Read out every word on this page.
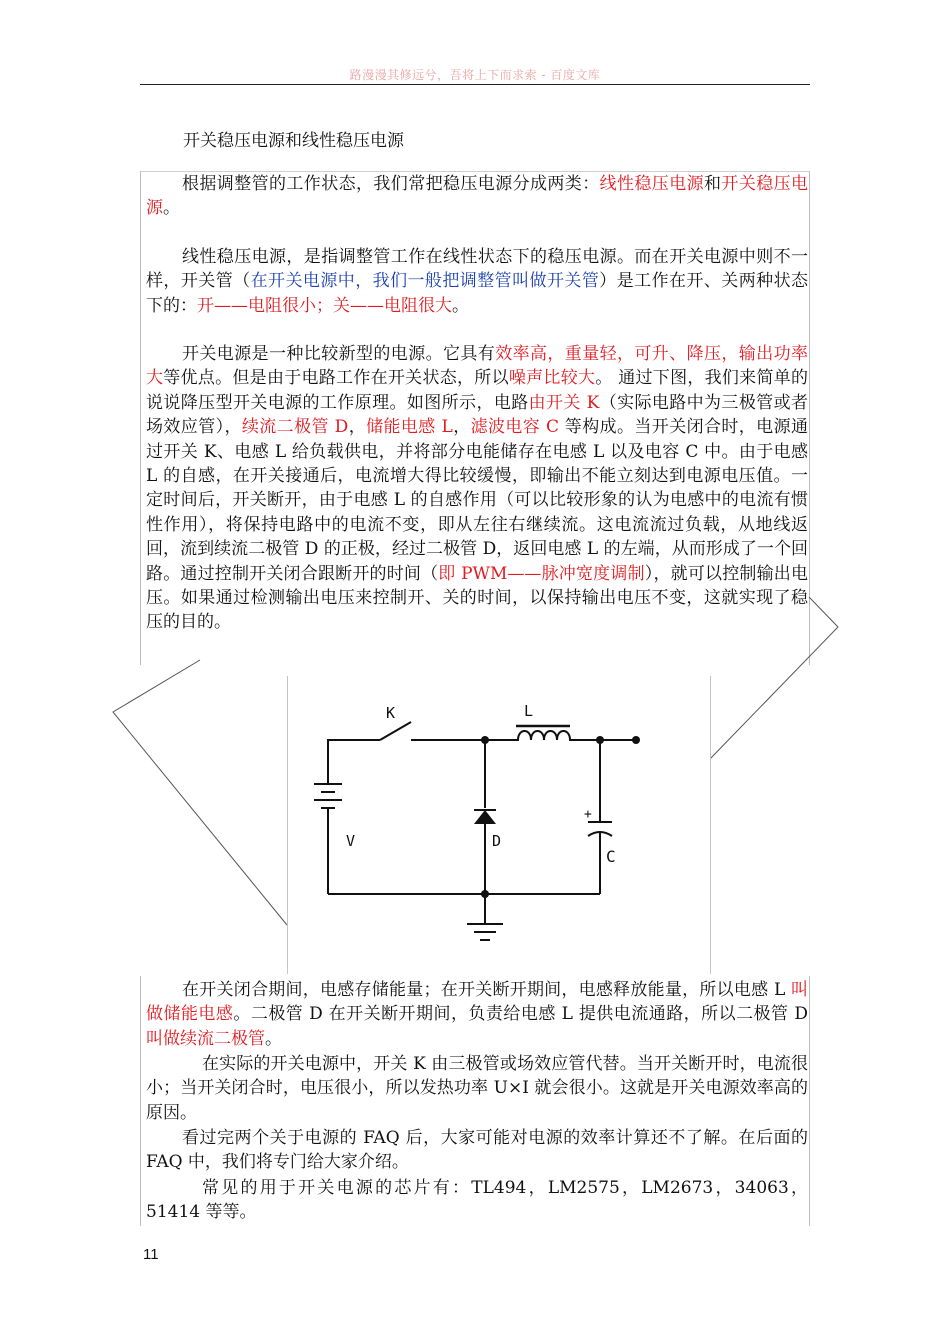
路漫漫其修远兮，吾将上下而求索 - 百度文库
开关稳压电源和线性稳压电源

根据调整管的工作状态，我们常把稳压电源分成两类：线性稳压电源和开关稳压电源。

线性稳压电源，是指调整管工作在线性状态下的稳压电源。而在开关电源中则不一样，开关管（在开关电源中，我们一般把调整管叫做开关管）是工作在开、关两种状态下的：开——电阻很小；关——电阻很大。

开关电源是一种比较新型的电源。它具有效率高，重量轻，可升、降压，输出功率大等优点。但是由于电路工作在开关状态，所以噪声比较大。 通过下图，我们来简单的说说降压型开关电源的工作原理。如图所示，电路由开关 K（实际电路中为三极管或者场效应管），续流二极管 D，储能电感 L，滤波电容 C 等构成。当开关闭合时，电源通过开关 K、电感 L 给负载供电，并将部分电能储存在电感 L 以及电容 C 中。由于电感 L 的自感，在开关接通后，电流增大得比较缓慢，即输出不能立刻达到电源电压值。一定时间后，开关断开，由于电感 L 的自感作用（可以比较形象的认为电感中的电流有惯性作用），将保持电路中的电流不变，即从左往右继续流。这电流流过负载，从地线返回，流到续流二极管 D 的正极，经过二极管 D，返回电感 L 的左端，从而形成了一个回路。通过控制开关闭合跟断开的时间（即 PWM——脉冲宽度调制），就可以控制输出电压。如果通过检测输出电压来控制开、关的时间，以保持输出电压不变，这就实现了稳压的目的。

K	L
V	D
C
+

在开关闭合期间，电感存储能量；在开关断开期间，电感释放能量，所以电感 L 叫做储能电感。二极管 D 在开关断开期间，负责给电感 L 提供电流通路，所以二极管 D 叫做续流二极管。

在实际的开关电源中，开关 K 由三极管或场效应管代替。当开关断开时，电流很小；当开关闭合时，电压很小，所以发热功率 U×I 就会很小。这就是开关电源效率高的原因。

看过完两个关于电源的 FAQ 后，大家可能对电源的效率计算还不了解。在后面的 FAQ 中，我们将专门给大家介绍。

常见的用于开关电源的芯片有：TL494，LM2575，LM2673，34063，51414 等等。

11
